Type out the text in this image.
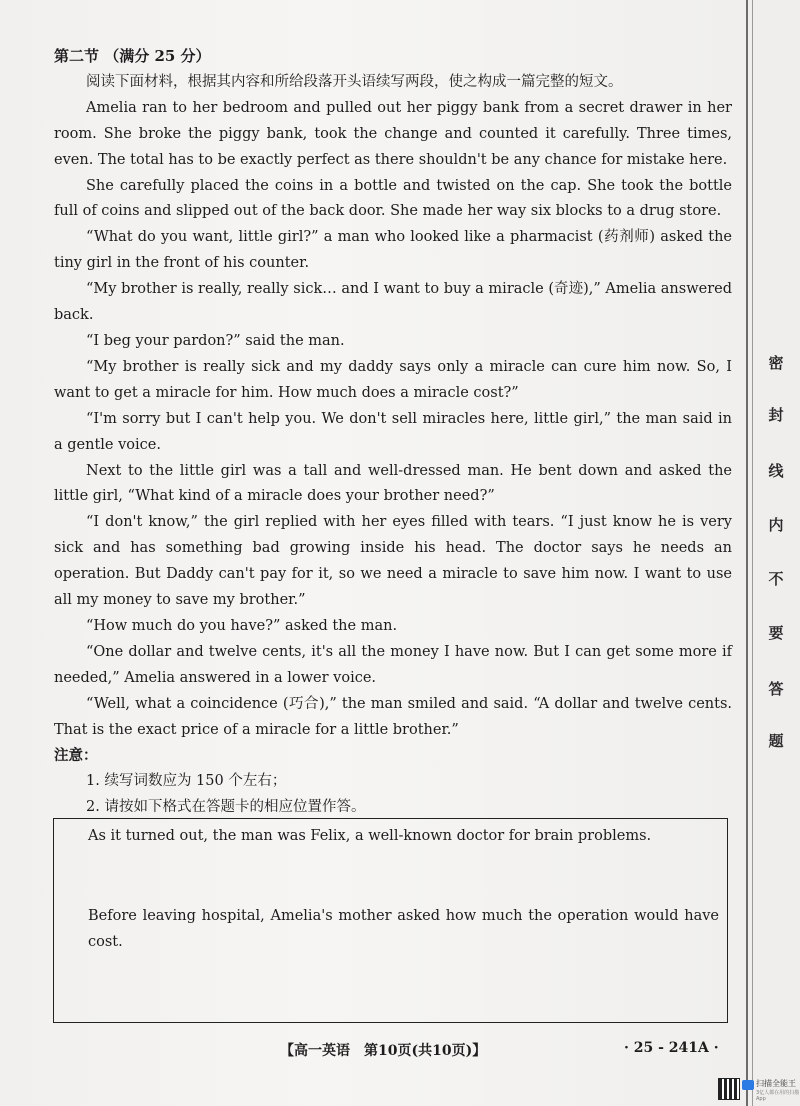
第二节 （满分 25 分）
阅读下面材料，根据其内容和所给段落开头语续写两段，使之构成一篇完整的短文。
Amelia ran to her bedroom and pulled out her piggy bank from a secret drawer in her room. She broke the piggy bank, took the change and counted it carefully. Three times, even. The total has to be exactly perfect as there shouldn't be any chance for mistake here.
She carefully placed the coins in a bottle and twisted on the cap. She took the bottle full of coins and slipped out of the back door. She made her way six blocks to a drug store.
“What do you want, little girl?” a man who looked like a pharmacist (药剂师) asked the tiny girl in the front of his counter.
“My brother is really, really sick… and I want to buy a miracle (奇迹),” Amelia answered back.
“I beg your pardon?” said the man.
“My brother is really sick and my daddy says only a miracle can cure him now. So, I want to get a miracle for him. How much does a miracle cost?”
“I'm sorry but I can't help you. We don't sell miracles here, little girl,” the man said in a gentle voice.
Next to the little girl was a tall and well-dressed man. He bent down and asked the little girl, “What kind of a miracle does your brother need?”
“I don't know,” the girl replied with her eyes filled with tears. “I just know he is very sick and has something bad growing inside his head. The doctor says he needs an operation. But Daddy can't pay for it, so we need a miracle to save him now. I want to use all my money to save my brother.”
“How much do you have?” asked the man.
“One dollar and twelve cents, it's all the money I have now. But I can get some more if needed,” Amelia answered in a lower voice.
“Well, what a coincidence (巧合),” the man smiled and said. “A dollar and twelve cents. That is the exact price of a miracle for a little brother.”
注意：
1. 续写词数应为 150 个左右；
2. 请按如下格式在答题卡的相应位置作答。
As it turned out, the man was Felix, a well-known doctor for brain problems.
Before leaving hospital, Amelia's mother asked how much the operation would have cost.
【高一英语　第10页(共10页)】	· 25 - 241A ·
密
封
线
内
不
要
答
题
扫描全能王
3亿人都在用的扫描App
